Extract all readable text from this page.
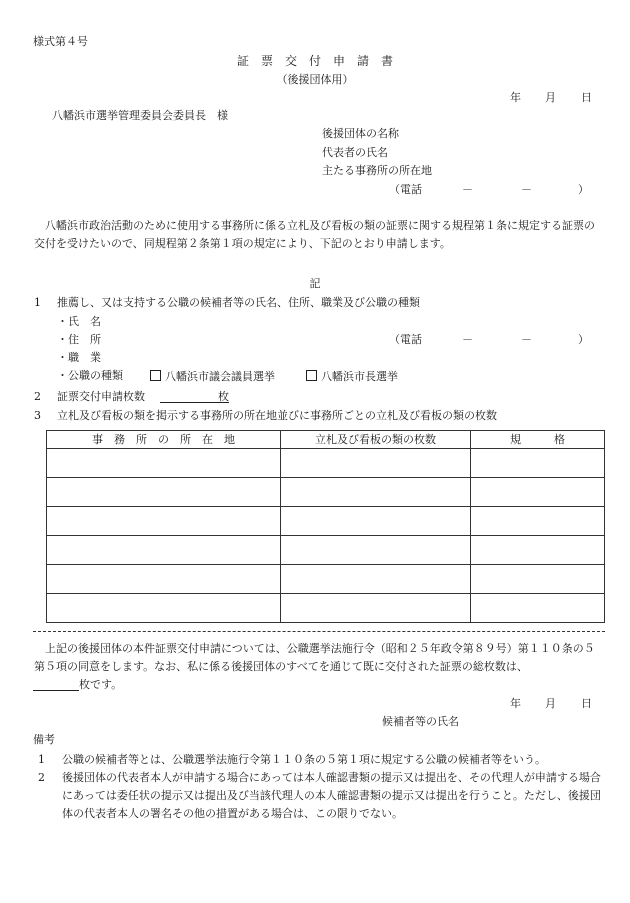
様式第４号
証　票　交　付　申　請　書
（後援団体用）
年 月 日
八幡浜市選挙管理委員会委員長　様
後援団体の名称
代表者の氏名
主たる事務所の所在地
（電話	－	－	）
八幡浜市政治活動のために使用する事務所に係る立札及び看板の類の証票に関する規程第１条に規定する証票の交付を受けたいので、同規程第２条第１項の規定により、下記のとおり申請します。
記
1 推薦し、又は支持する公職の候補者等の氏名、住所、職業及び公職の種類
・氏　名
・住　所	（電話	－	－	）
・職　業
・公職の種類	八幡浜市議会議員選挙	八幡浜市長選挙
2 証票交付申請枚数	枚
3 立札及び看板の類を掲示する事務所の所在地並びに事務所ごとの立札及び看板の類の枚数
事　務　所　の　所　在　地	立札及び看板の類の枚数	規　　　格

上記の後援団体の本件証票交付申請については、公職選挙法施行令（昭和２５年政令第８９号）第１１０条の５第５項の同意をします。なお、私に係る後援団体のすべてを通じて既に交付された証票の総枚数は、
枚です。
年 月 日
候補者等の氏名
備考
1 公職の候補者等とは、公職選挙法施行令第１１０条の５第１項に規定する公職の候補者等をいう。
2 後援団体の代表者本人が申請する場合にあっては本人確認書類の提示又は提出を、その代理人が申請する場合にあっては委任状の提示又は提出及び当該代理人の本人確認書類の提示又は提出を行うこと。ただし、後援団体の代表者本人の署名その他の措置がある場合は、この限りでない。
